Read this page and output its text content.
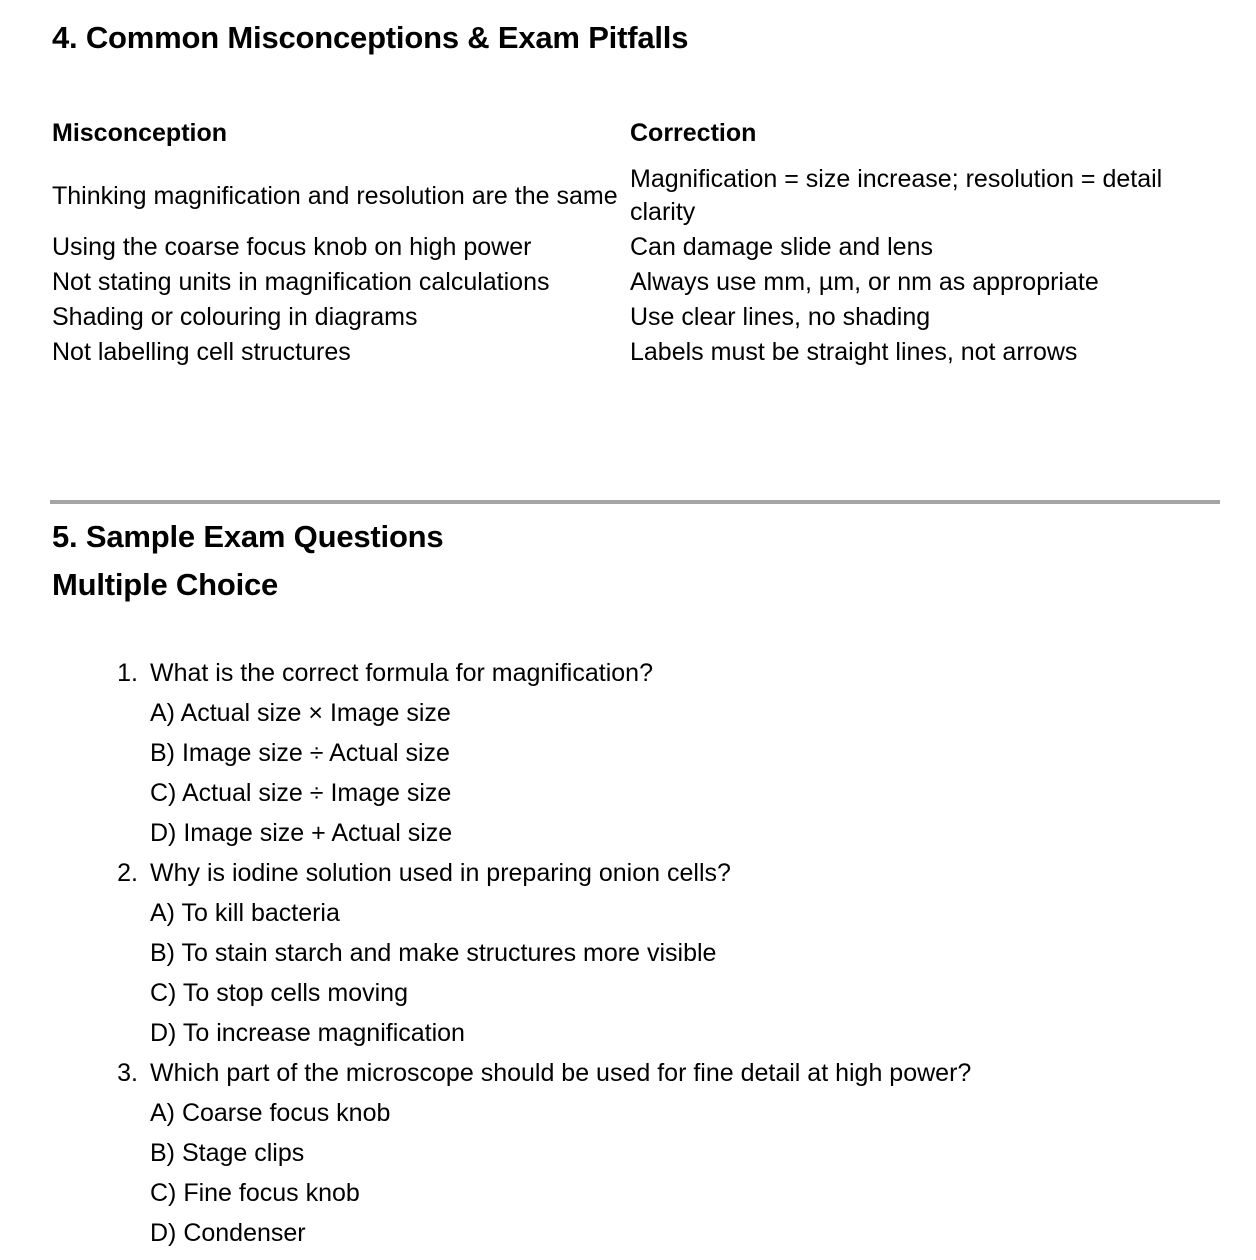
4. Common Misconceptions & Exam Pitfalls
Misconception	Correction
Thinking magnification and resolution are the same	Magnification = size increase; resolution = detail clarity
Using the coarse focus knob on high power	Can damage slide and lens
Not stating units in magnification calculations	Always use mm, µm, or nm as appropriate
Shading or colouring in diagrams	Use clear lines, no shading
Not labelling cell structures	Labels must be straight lines, not arrows
5. Sample Exam Questions
Multiple Choice
1. What is the correct formula for magnification?
A) Actual size × Image size
B) Image size ÷ Actual size
C) Actual size ÷ Image size
D) Image size + Actual size
2. Why is iodine solution used in preparing onion cells?
A) To kill bacteria
B) To stain starch and make structures more visible
C) To stop cells moving
D) To increase magnification
3. Which part of the microscope should be used for fine detail at high power?
A) Coarse focus knob
B) Stage clips
C) Fine focus knob
D) Condenser
